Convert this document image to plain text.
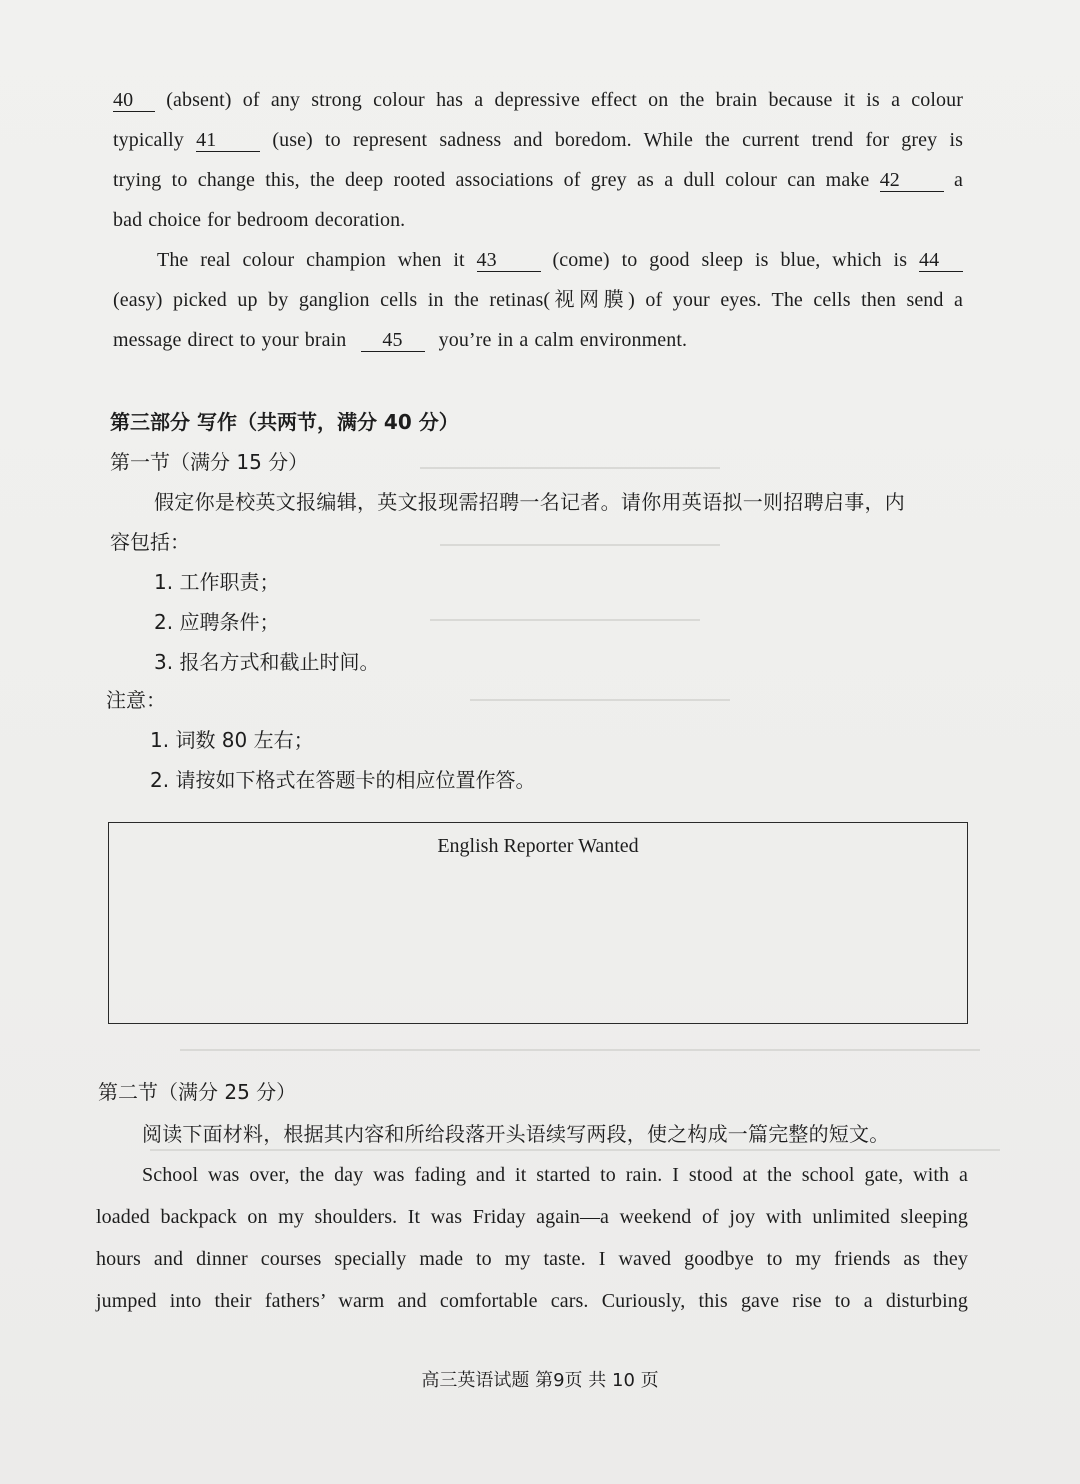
40 (absent) of any strong colour has a depressive effect on the brain because it is a colour
typically 41	(use) to represent sadness and boredom. While the current trend for grey is
trying to change this, the deep rooted associations of grey as a dull colour can make 42	a
bad choice for bedroom decoration.
The real colour champion when it 43	(come) to good sleep is blue, which is 44
(easy) picked up by ganglion cells in the retinas(视网膜) of your eyes. The cells then send a
message direct to your brain 45 you’re in a calm environment.
第三部分 写作（共两节，满分 40 分）
第一节（满分 15 分）
假定你是校英文报编辑，英文报现需招聘一名记者。请你用英语拟一则招聘启事，内
容包括：
1. 工作职责；
2. 应聘条件；
3. 报名方式和截止时间。
注意：
1. 词数 80 左右；
2. 请按如下格式在答题卡的相应位置作答。
English Reporter Wanted
第二节（满分 25 分）
阅读下面材料，根据其内容和所给段落开头语续写两段，使之构成一篇完整的短文。
School was over, the day was fading and it started to rain. I stood at the school gate, with a
loaded backpack on my shoulders. It was Friday again—a weekend of joy with unlimited sleeping
hours and dinner courses specially made to my taste. I waved goodbye to my friends as they
jumped into their fathers’ warm and comfortable cars. Curiously, this gave rise to a disturbing
高三英语试题 第9页 共 10 页
